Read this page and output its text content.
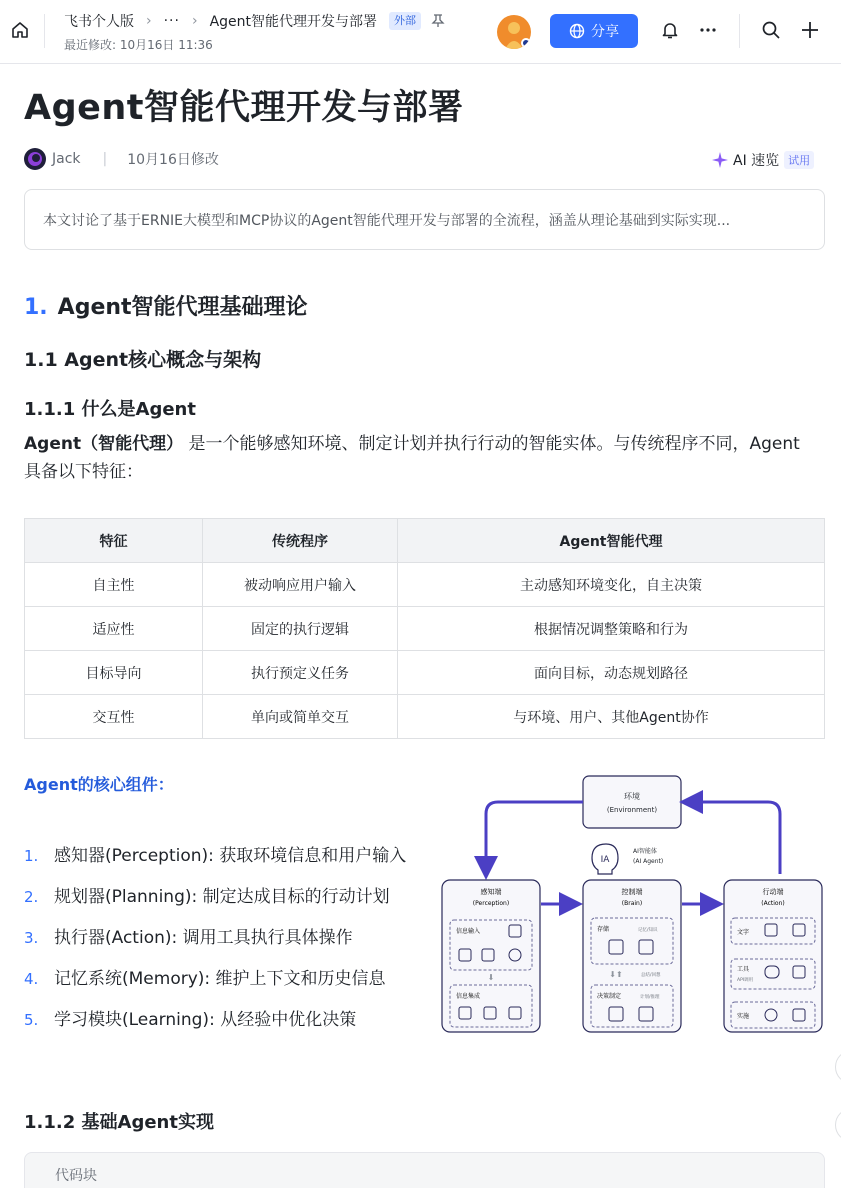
飞书个人版 › ··· › Agent智能代理开发与部署	外部
最近修改: 10月16日 11:36
分享
Agent智能代理开发与部署
Jack | 10月16日修改	AI 速览 试用
本文讨论了基于ERNIE大模型和MCP协议的Agent智能代理开发与部署的全流程，涵盖从理论基础到实际实现...
1. Agent智能代理基础理论
1.1 Agent核心概念与架构
1.1.1 什么是Agent
Agent（智能代理） 是一个能够感知环境、制定计划并执行行动的智能实体。与传统程序不同，Agent具备以下特征：
特征	传统程序	Agent智能代理
自主性	被动响应用户输入	主动感知环境变化，自主决策
适应性	固定的执行逻辑	根据情况调整策略和行为
目标导向	执行预定义任务	面向目标，动态规划路径
交互性	单向或简单交互	与环境、用户、其他Agent协作
Agent的核心组件：
1. 感知器(Perception): 获取环境信息和用户输入
2. 规划器(Planning): 制定达成目标的行动计划
3. 执行器(Action): 调用工具执行具体操作
4. 记忆系统(Memory): 维护上下文和历史信息
5. 学习模块(Learning): 从经验中优化决策
环境
(Environment)
IA
AI智能体
(AI Agent)
感知端
(Perception)
信息输入
⬇
信息集成
控制端
(Brain)
存储	记忆/知识
⬇⬆	总结/回想
决策制定	计划/推理
行动端
(Action)
文字
工具
API调用
实施
1.1.2 基础Agent实现
代码块
